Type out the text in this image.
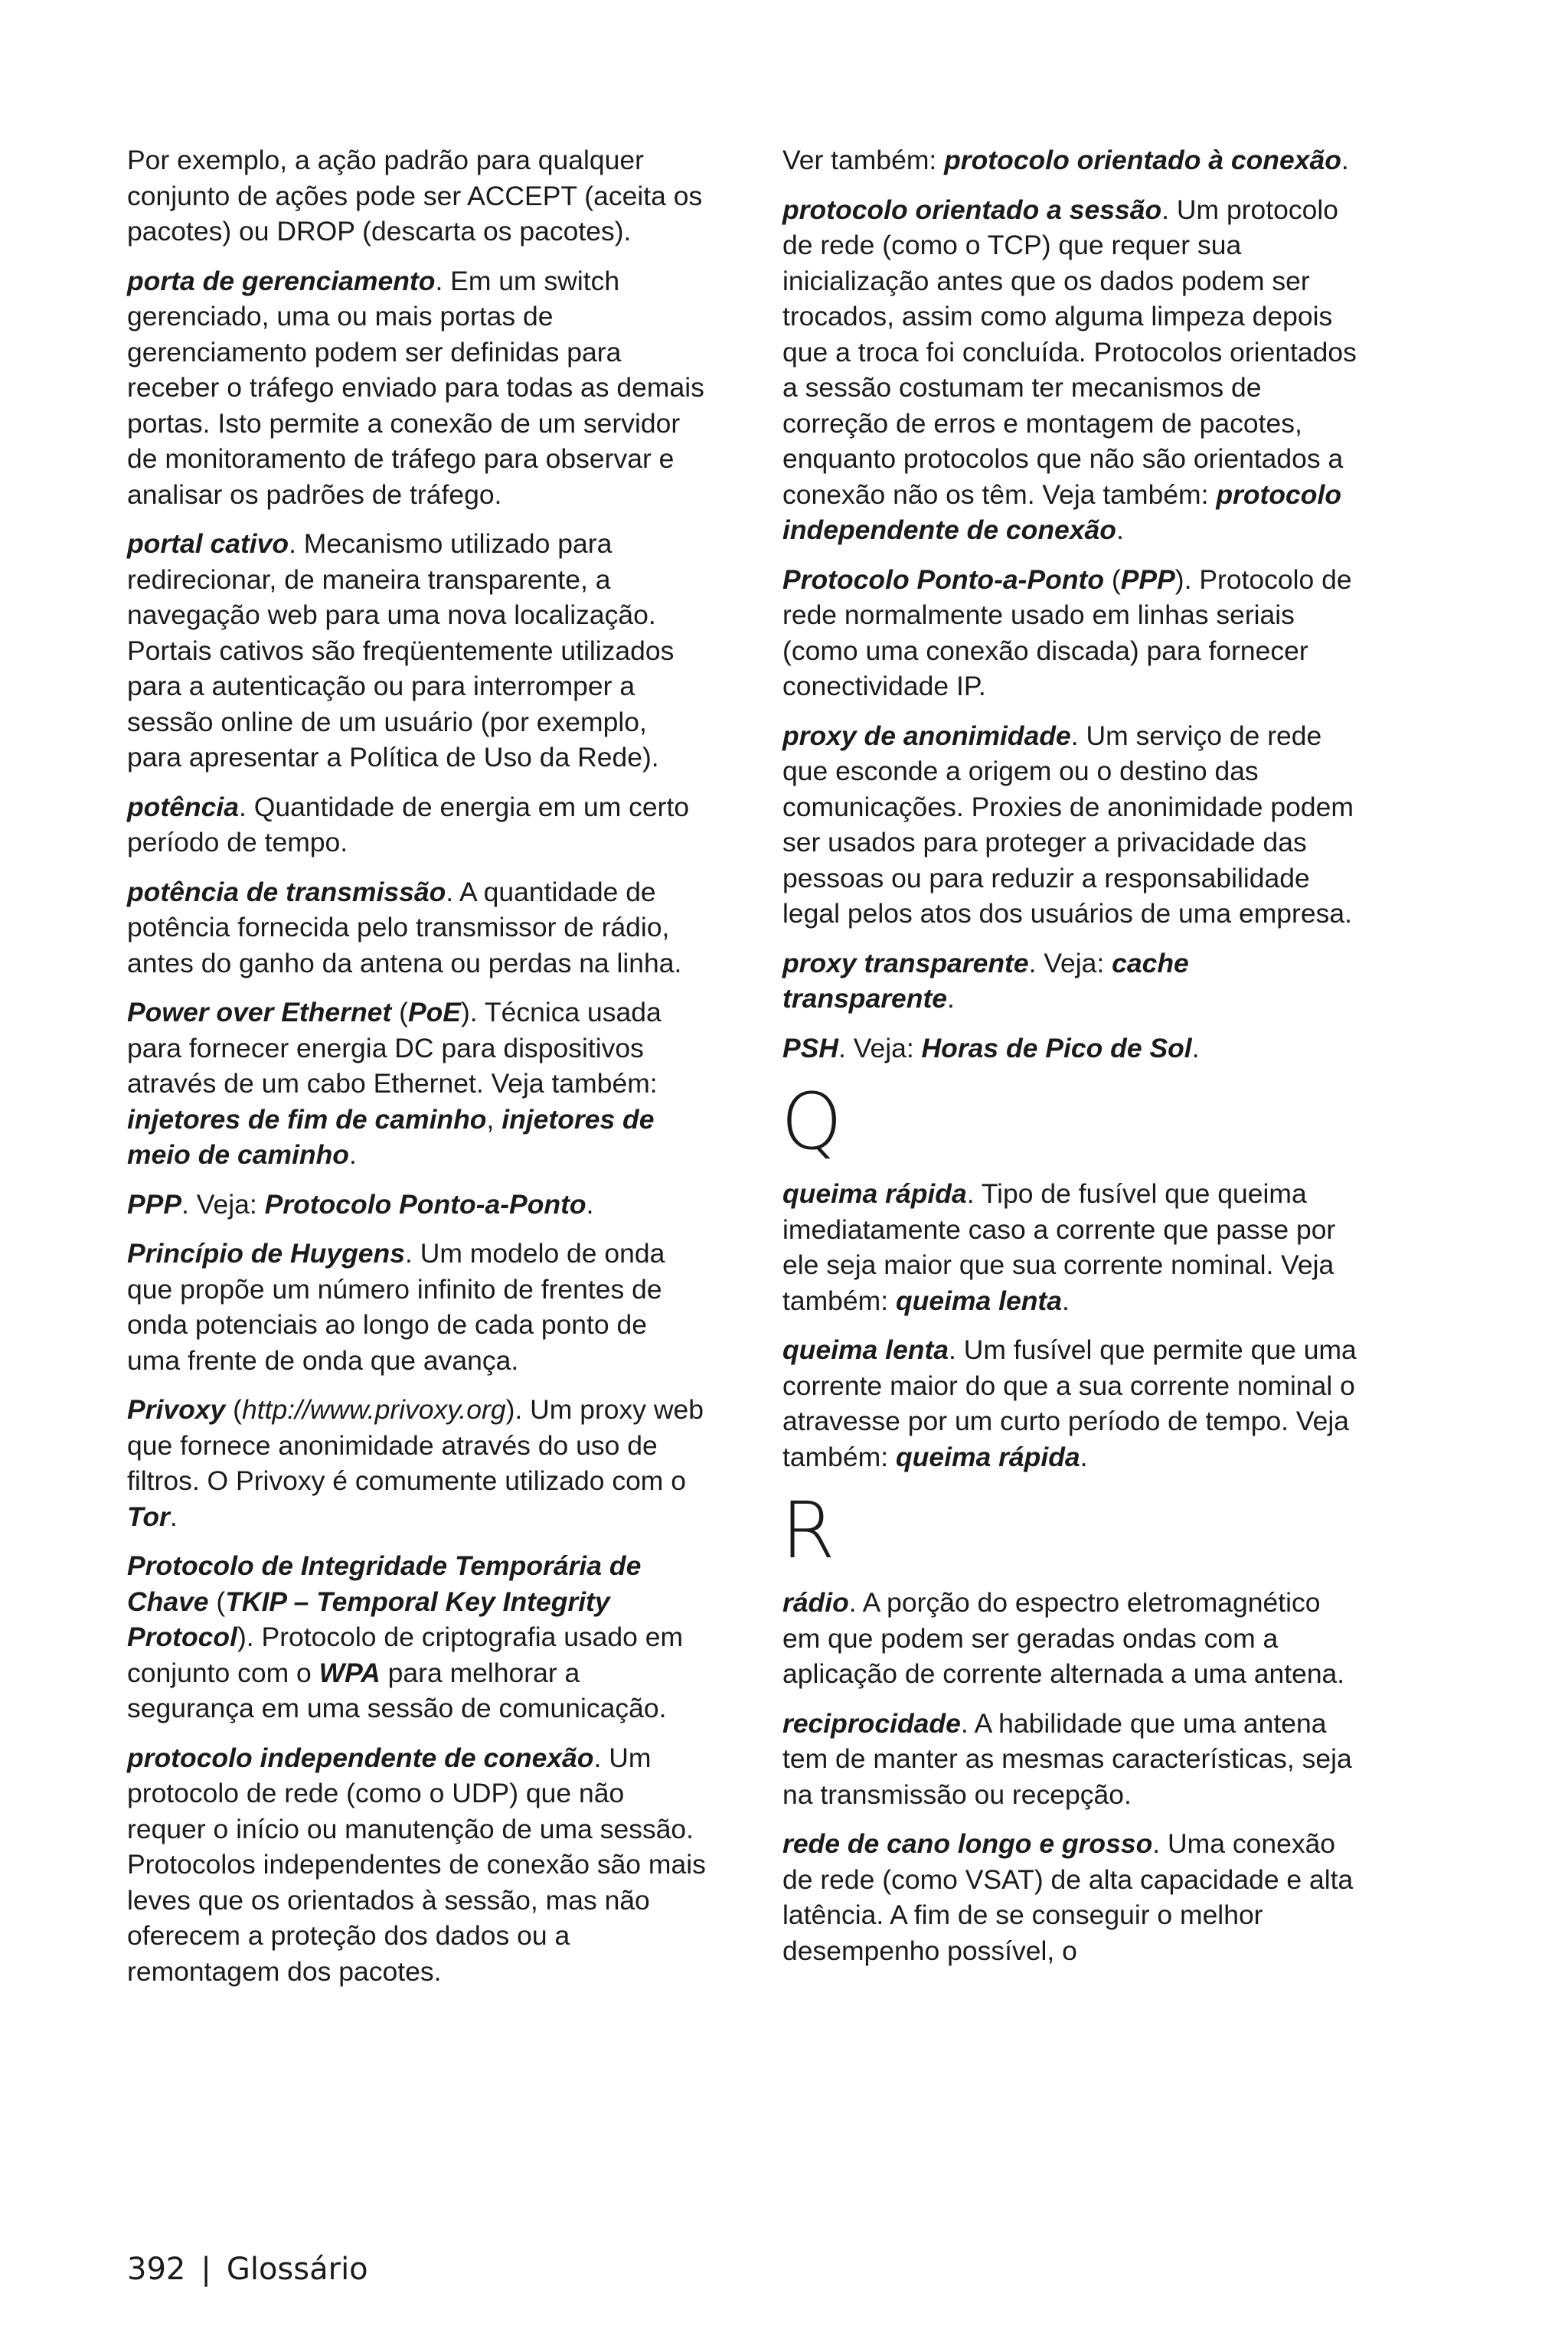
Por exemplo, a ação padrão para qualquer conjunto de ações pode ser ACCEPT (aceita os pacotes) ou DROP (descarta os pacotes).

porta de gerenciamento. Em um switch gerenciado, uma ou mais portas de gerenciamento podem ser definidas para receber o tráfego enviado para todas as demais portas. Isto permite a conexão de um servidor de monitoramento de tráfego para observar e analisar os padrões de tráfego.

portal cativo. Mecanismo utilizado para redirecionar, de maneira transparente, a navegação web para uma nova localização. Portais cativos são freqüentemente utilizados para a autenticação ou para interromper a sessão online de um usuário (por exemplo, para apresentar a Política de Uso da Rede).

potência. Quantidade de energia em um certo período de tempo.

potência de transmissão. A quantidade de potência fornecida pelo transmissor de rádio, antes do ganho da antena ou perdas na linha.

Power over Ethernet (PoE). Técnica usada para fornecer energia DC para dispositivos através de um cabo Ethernet. Veja também: injetores de fim de caminho, injetores de meio de caminho.

PPP. Veja: Protocolo Ponto-a-Ponto.

Princípio de Huygens. Um modelo de onda que propõe um número infinito de frentes de onda potenciais ao longo de cada ponto de uma frente de onda que avança.

Privoxy (http://www.privoxy.org). Um proxy web que fornece anonimidade através do uso de filtros. O Privoxy é comumente utilizado com o Tor.

Protocolo de Integridade Temporária de Chave (TKIP – Temporal Key Integrity Protocol). Protocolo de criptografia usado em conjunto com o WPA para melhorar a segurança em uma sessão de comunicação.

protocolo independente de conexão. Um protocolo de rede (como o UDP) que não requer o início ou manutenção de uma sessão. Protocolos independentes de conexão são mais leves que os orientados à sessão, mas não oferecem a proteção dos dados ou a remontagem dos pacotes.

Ver também: protocolo orientado à conexão.

protocolo orientado a sessão. Um protocolo de rede (como o TCP) que requer sua inicialização antes que os dados podem ser trocados, assim como alguma limpeza depois que a troca foi concluída. Protocolos orientados a sessão costumam ter mecanismos de correção de erros e montagem de pacotes, enquanto protocolos que não são orientados a conexão não os têm. Veja também: protocolo independente de conexão.

Protocolo Ponto-a-Ponto (PPP). Protocolo de rede normalmente usado em linhas seriais (como uma conexão discada) para fornecer conectividade IP.

proxy de anonimidade. Um serviço de rede que esconde a origem ou o destino das comunicações. Proxies de anonimidade podem ser usados para proteger a privacidade das pessoas ou para reduzir a responsabilidade legal pelos atos dos usuários de uma empresa.

proxy transparente. Veja: cache transparente.

PSH. Veja: Horas de Pico de Sol.

Q

queima rápida. Tipo de fusível que queima imediatamente caso a corrente que passe por ele seja maior que sua corrente nominal. Veja também: queima lenta.

queima lenta. Um fusível que permite que uma corrente maior do que a sua corrente nominal o atravesse por um curto período de tempo. Veja também: queima rápida.

R

rádio. A porção do espectro eletromagnético em que podem ser geradas ondas com a aplicação de corrente alternada a uma antena.

reciprocidade. A habilidade que uma antena tem de manter as mesmas características, seja na transmissão ou recepção.

rede de cano longo e grosso. Uma conexão de rede (como VSAT) de alta capacidade e alta latência. A fim de se conseguir o melhor desempenho possível, o

392 | Glossário
